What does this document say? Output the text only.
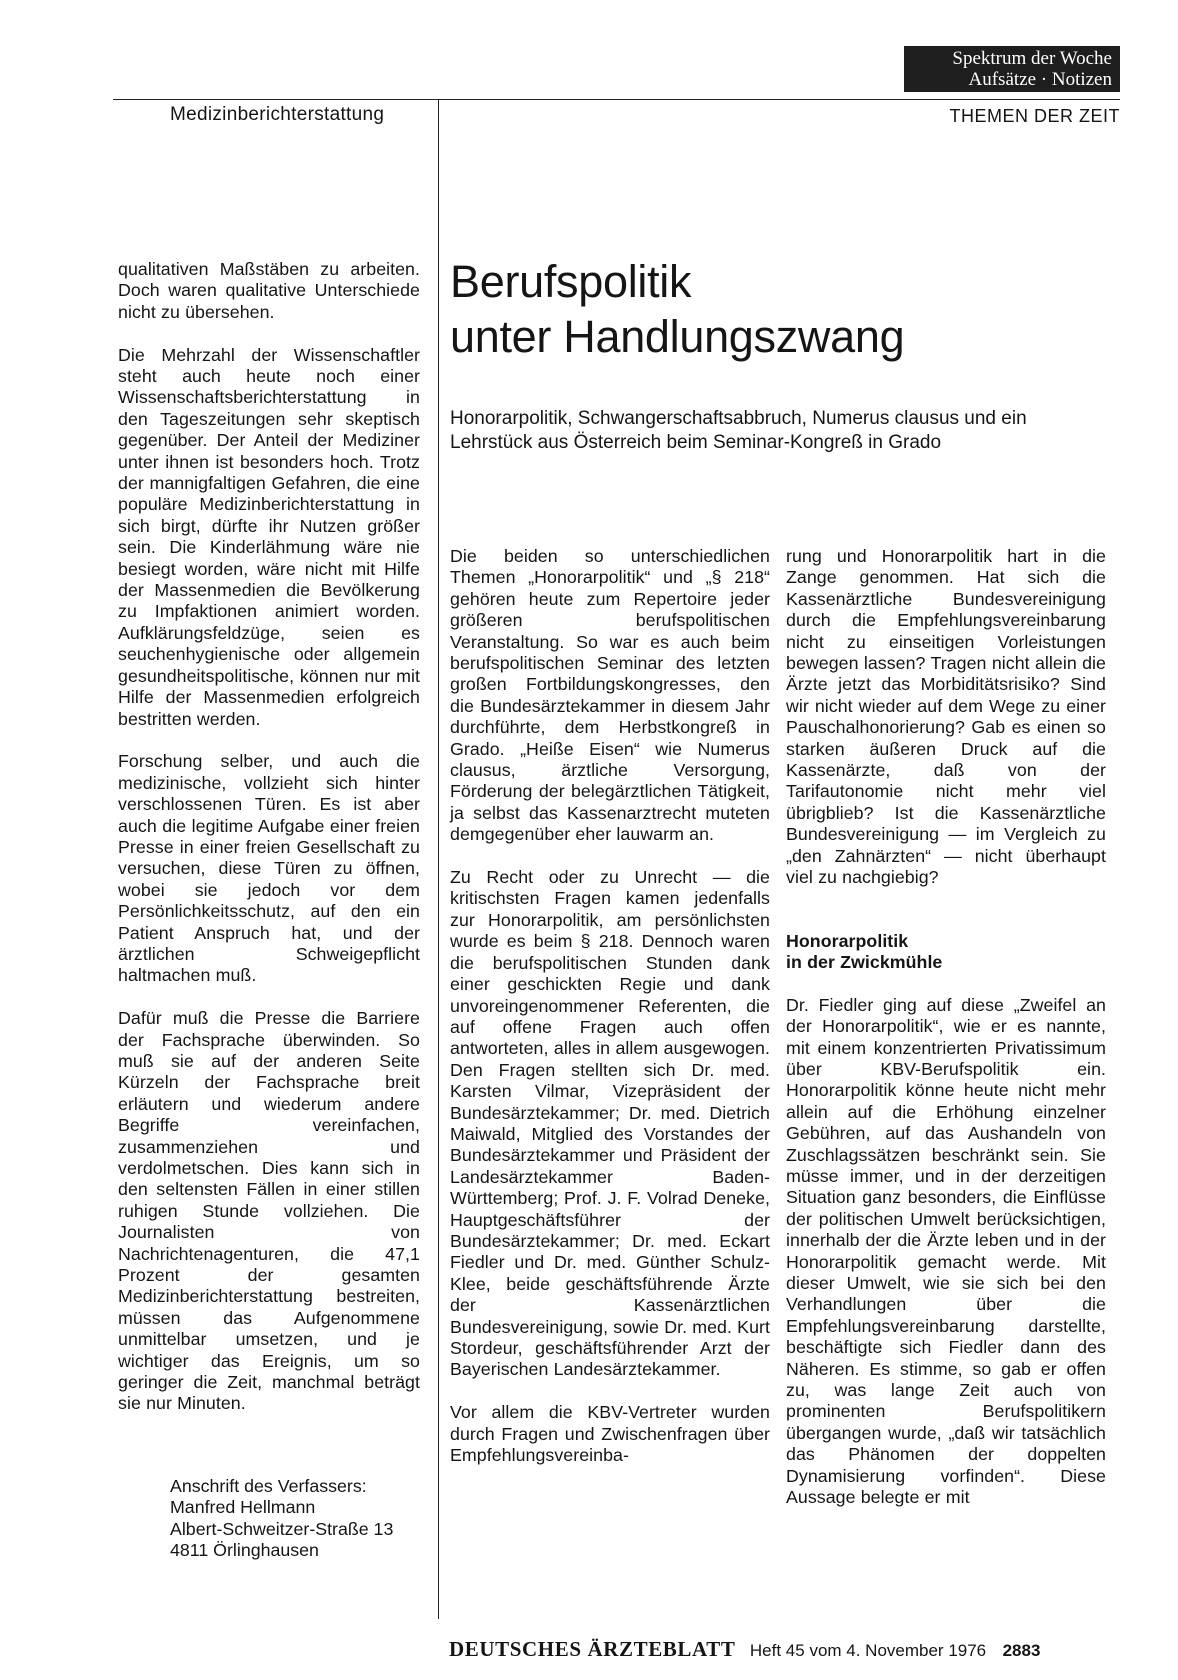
Spektrum der Woche
Aufsätze · Notizen
Medizinberichterstattung	THEMEN DER ZEIT
Berufspolitik
unter Handlungszwang

Honorarpolitik, Schwangerschaftsabbruch, Numerus clausus und ein Lehrstück aus Österreich beim Seminar-Kongreß in Grado

qualitativen Maßstäben zu arbeiten. Doch waren qualitative Unterschiede nicht zu übersehen.

Die Mehrzahl der Wissenschaftler steht auch heute noch einer Wissenschaftsberichterstattung in den Tageszeitungen sehr skeptisch gegenüber. Der Anteil der Mediziner unter ihnen ist besonders hoch. Trotz der mannigfaltigen Gefahren, die eine populäre Medizinberichterstattung in sich birgt, dürfte ihr Nutzen größer sein. Die Kinderlähmung wäre nie besiegt worden, wäre nicht mit Hilfe der Massenmedien die Bevölkerung zu Impfaktionen animiert worden. Aufklärungsfeldzüge, seien es seuchenhygienische oder allgemein gesundheitspolitische, können nur mit Hilfe der Massenmedien erfolgreich bestritten werden.

Forschung selber, und auch die medizinische, vollzieht sich hinter verschlossenen Türen. Es ist aber auch die legitime Aufgabe einer freien Presse in einer freien Gesellschaft zu versuchen, diese Türen zu öffnen, wobei sie jedoch vor dem Persönlichkeitsschutz, auf den ein Patient Anspruch hat, und der ärztlichen Schweigepflicht haltmachen muß.

Dafür muß die Presse die Barriere der Fachsprache überwinden. So muß sie auf der anderen Seite Kürzeln der Fachsprache breit erläutern und wiederum andere Begriffe vereinfachen, zusammenziehen und verdolmetschen. Dies kann sich in den seltensten Fällen in einer stillen ruhigen Stunde vollziehen. Die Journalisten von Nachrichtenagenturen, die 47,1 Prozent der gesamten Medizinberichterstattung bestreiten, müssen das Aufgenommene unmittelbar umsetzen, und je wichtiger das Ereignis, um so geringer die Zeit, manchmal beträgt sie nur Minuten.

Anschrift des Verfassers:
Manfred Hellmann
Albert-Schweitzer-Straße 13
4811 Örlinghausen

Die beiden so unterschiedlichen Themen „Honorarpolitik“ und „§ 218“ gehören heute zum Repertoire jeder größeren berufspolitischen Veranstaltung. So war es auch beim berufspolitischen Seminar des letzten großen Fortbildungskongresses, den die Bundesärztekammer in diesem Jahr durchführte, dem Herbstkongreß in Grado. „Heiße Eisen“ wie Numerus clausus, ärztliche Versorgung, Förderung der belegärztlichen Tätigkeit, ja selbst das Kassenarztrecht muteten demgegenüber eher lauwarm an.

Zu Recht oder zu Unrecht — die kritischsten Fragen kamen jedenfalls zur Honorarpolitik, am persönlichsten wurde es beim § 218. Dennoch waren die berufspolitischen Stunden dank einer geschickten Regie und dank unvoreingenommener Referenten, die auf offene Fragen auch offen antworteten, alles in allem ausgewogen. Den Fragen stellten sich Dr. med. Karsten Vilmar, Vizepräsident der Bundesärztekammer; Dr. med. Dietrich Maiwald, Mitglied des Vorstandes der Bundesärztekammer und Präsident der Landesärztekammer Baden-Württemberg; Prof. J. F. Volrad Deneke, Hauptgeschäftsführer der Bundesärztekammer; Dr. med. Eckart Fiedler und Dr. med. Günther Schulz-Klee, beide geschäftsführende Ärzte der Kassenärztlichen Bundesvereinigung, sowie Dr. med. Kurt Stordeur, geschäftsführender Arzt der Bayerischen Landesärztekammer.

Vor allem die KBV-Vertreter wurden durch Fragen und Zwischenfragen über Empfehlungsvereinba-

rung und Honorarpolitik hart in die Zange genommen. Hat sich die Kassenärztliche Bundesvereinigung durch die Empfehlungsvereinbarung nicht zu einseitigen Vorleistungen bewegen lassen? Tragen nicht allein die Ärzte jetzt das Morbiditätsrisiko? Sind wir nicht wieder auf dem Wege zu einer Pauschalhonorierung? Gab es einen so starken äußeren Druck auf die Kassenärzte, daß von der Tarifautonomie nicht mehr viel übrigblieb? Ist die Kassenärztliche Bundesvereinigung — im Vergleich zu „den Zahnärzten“ — nicht überhaupt viel zu nachgiebig?

Honorarpolitik
in der Zwickmühle

Dr. Fiedler ging auf diese „Zweifel an der Honorarpolitik“, wie er es nannte, mit einem konzentrierten Privatissimum über KBV-Berufspolitik ein. Honorarpolitik könne heute nicht mehr allein auf die Erhöhung einzelner Gebühren, auf das Aushandeln von Zuschlagssätzen beschränkt sein. Sie müsse immer, und in der derzeitigen Situation ganz besonders, die Einflüsse der politischen Umwelt berücksichtigen, innerhalb der die Ärzte leben und in der Honorarpolitik gemacht werde. Mit dieser Umwelt, wie sie sich bei den Verhandlungen über die Empfehlungsvereinbarung darstellte, beschäftigte sich Fiedler dann des Näheren. Es stimme, so gab er offen zu, was lange Zeit auch von prominenten Berufspolitikern übergangen wurde, „daß wir tatsächlich das Phänomen der doppelten Dynamisierung vorfinden“. Diese Aussage belegte er mit

DEUTSCHES ÄRZTEBLATT Heft 45 vom 4. November 1976 2883
